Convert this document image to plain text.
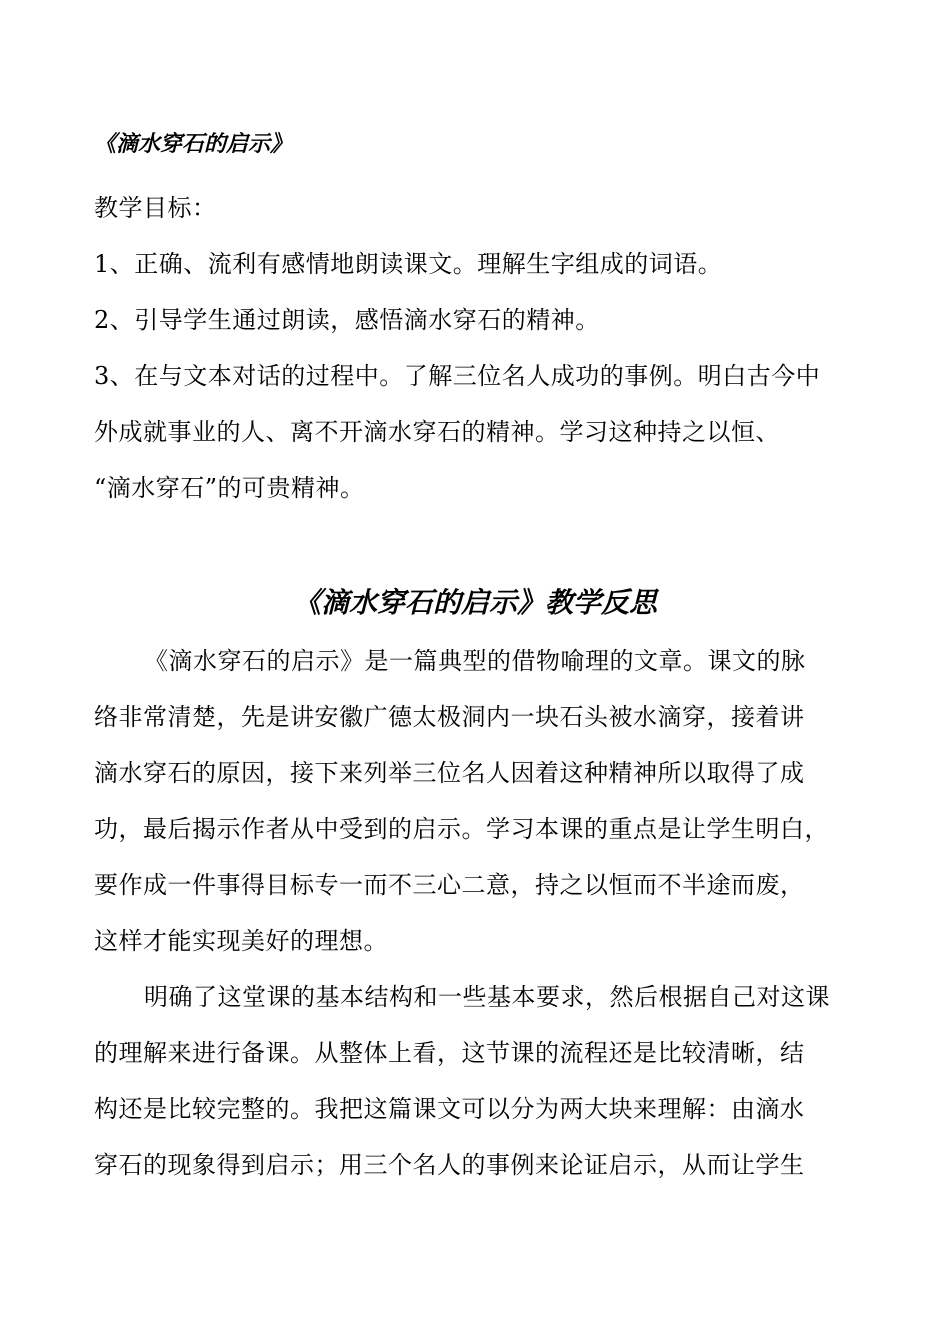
《滴水穿石的启示》
教学目标：
1、正确、流利有感情地朗读课文。理解生字组成的词语。
2、引导学生通过朗读，感悟滴水穿石的精神。
3、在与文本对话的过程中。了解三位名人成功的事例。明白古今中
外成就事业的人、离不开滴水穿石的精神。学习这种持之以恒、
“滴水穿石”的可贵精神。
《滴水穿石的启示》教学反思
《滴水穿石的启示》是一篇典型的借物喻理的文章。课文的脉
络非常清楚，先是讲安徽广德太极洞内一块石头被水滴穿，接着讲
滴水穿石的原因，接下来列举三位名人因着这种精神所以取得了成
功，最后揭示作者从中受到的启示。学习本课的重点是让学生明白，
要作成一件事得目标专一而不三心二意，持之以恒而不半途而废，
这样才能实现美好的理想。
明确了这堂课的基本结构和一些基本要求，然后根据自己对这课
的理解来进行备课。从整体上看，这节课的流程还是比较清晰，结
构还是比较完整的。我把这篇课文可以分为两大块来理解：由滴水
穿石的现象得到启示；用三个名人的事例来论证启示，从而让学生
